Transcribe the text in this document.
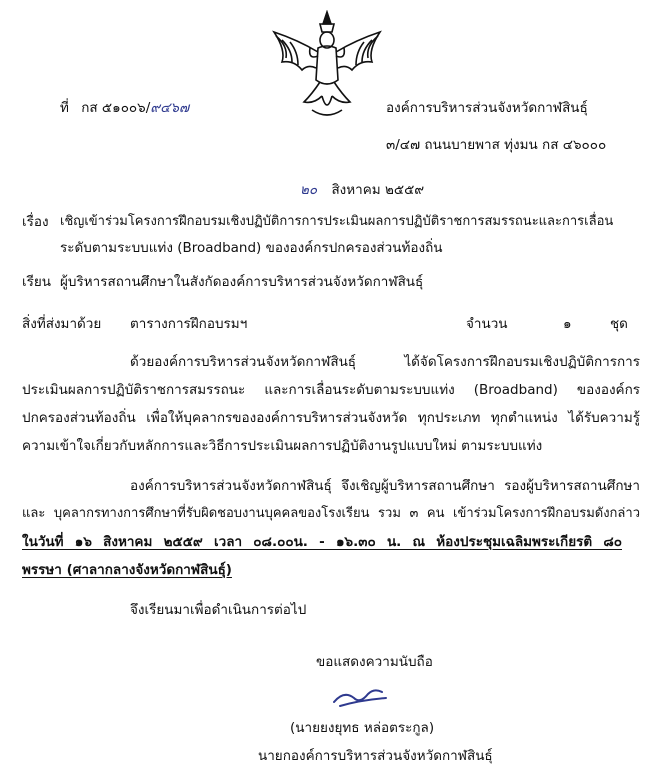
ที่ กส ๕๑๐๐๖/๙๔๖๗	องค์การบริหารส่วนจังหวัดกาฬสินธุ์
๓/๔๗ ถนนบายพาส ทุ่งมน กส ๔๖๐๐๐
๒๐ สิงหาคม ๒๕๕๙
เรื่อง เชิญเข้าร่วมโครงการฝึกอบรมเชิงปฏิบัติการการประเมินผลการปฏิบัติราชการสมรรถนะและการเลื่อน
ระดับตามระบบแท่ง (Broadband) ขององค์กรปกครองส่วนท้องถิ่น
เรียน ผู้บริหารสถานศึกษาในสังกัดองค์การบริหารส่วนจังหวัดกาฬสินธุ์
สิ่งที่ส่งมาด้วย ตารางการฝึกอบรมฯ	จำนวน	๑	ชุด
ด้วยองค์การบริหารส่วนจังหวัดกาฬสินธุ์ ได้จัดโครงการฝึกอบรมเชิงปฏิบัติการการ
ประเมินผลการปฏิบัติราชการสมรรถนะ และการเลื่อนระดับตามระบบแท่ง (Broadband) ขององค์กร
ปกครองส่วนท้องถิ่น เพื่อให้บุคลากรขององค์การบริหารส่วนจังหวัด ทุกประเภท ทุกตำแหน่ง ได้รับความรู้
ความเข้าใจเกี่ยวกับหลักการและวิธีการประเมินผลการปฏิบัติงานรูปแบบใหม่ ตามระบบแท่ง
องค์การบริหารส่วนจังหวัดกาฬสินธุ์ จึงเชิญผู้บริหารสถานศึกษา รองผู้บริหารสถานศึกษา
และ บุคลากรทางการศึกษาที่รับผิดชอบงานบุคคลของโรงเรียน รวม ๓ คน เข้าร่วมโครงการฝึกอบรมดังกล่าว
ในวันที่ ๑๖ สิงหาคม ๒๕๕๙ เวลา ๐๘.๐๐น. - ๑๖.๓๐ น. ณ ห้องประชุมเฉลิมพระเกียรติ ๘๐
พรรษา (ศาลากลางจังหวัดกาฬสินธุ์)
จึงเรียนมาเพื่อดำเนินการต่อไป
ขอแสดงความนับถือ
(นายยงยุทธ หล่อตระกูล)
นายกองค์การบริหารส่วนจังหวัดกาฬสินธุ์
